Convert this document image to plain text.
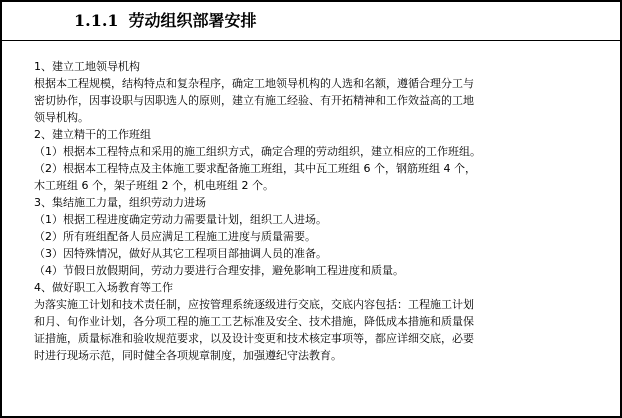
1.1.1 劳动组织部署安排
1、建立工地领导机构
根据本工程规模，结构特点和复杂程序，确定工地领导机构的人选和名额，遵循合理分工与
密切协作，因事设职与因职选人的原则，建立有施工经验、有开拓精神和工作效益高的工地
领导机构。
2、建立精干的工作班组
（1）根据本工程特点和采用的施工组织方式，确定合理的劳动组织，建立相应的工作班组。
（2）根据本工程特点及主体施工要求配备施工班组，其中瓦工班组 6 个，钢筋班组 4 个，
木工班组 6 个，架子班组 2 个，机电班组 2 个。
3、集结施工力量，组织劳动力进场
（1）根据工程进度确定劳动力需要量计划，组织工人进场。
（2）所有班组配备人员应满足工程施工进度与质量需要。
（3）因特殊情况，做好从其它工程项目部抽调人员的准备。
（4）节假日放假期间，劳动力要进行合理安排，避免影响工程进度和质量。
4、做好职工入场教育等工作
为落实施工计划和技术责任制，应按管理系统逐级进行交底，交底内容包括：工程施工计划
和月、旬作业计划，各分项工程的施工工艺标准及安全、技术措施，降低成本措施和质量保
证措施，质量标准和验收规范要求，以及设计变更和技术核定事项等，都应详细交底，必要
时进行现场示范，同时健全各项规章制度，加强遵纪守法教育。
